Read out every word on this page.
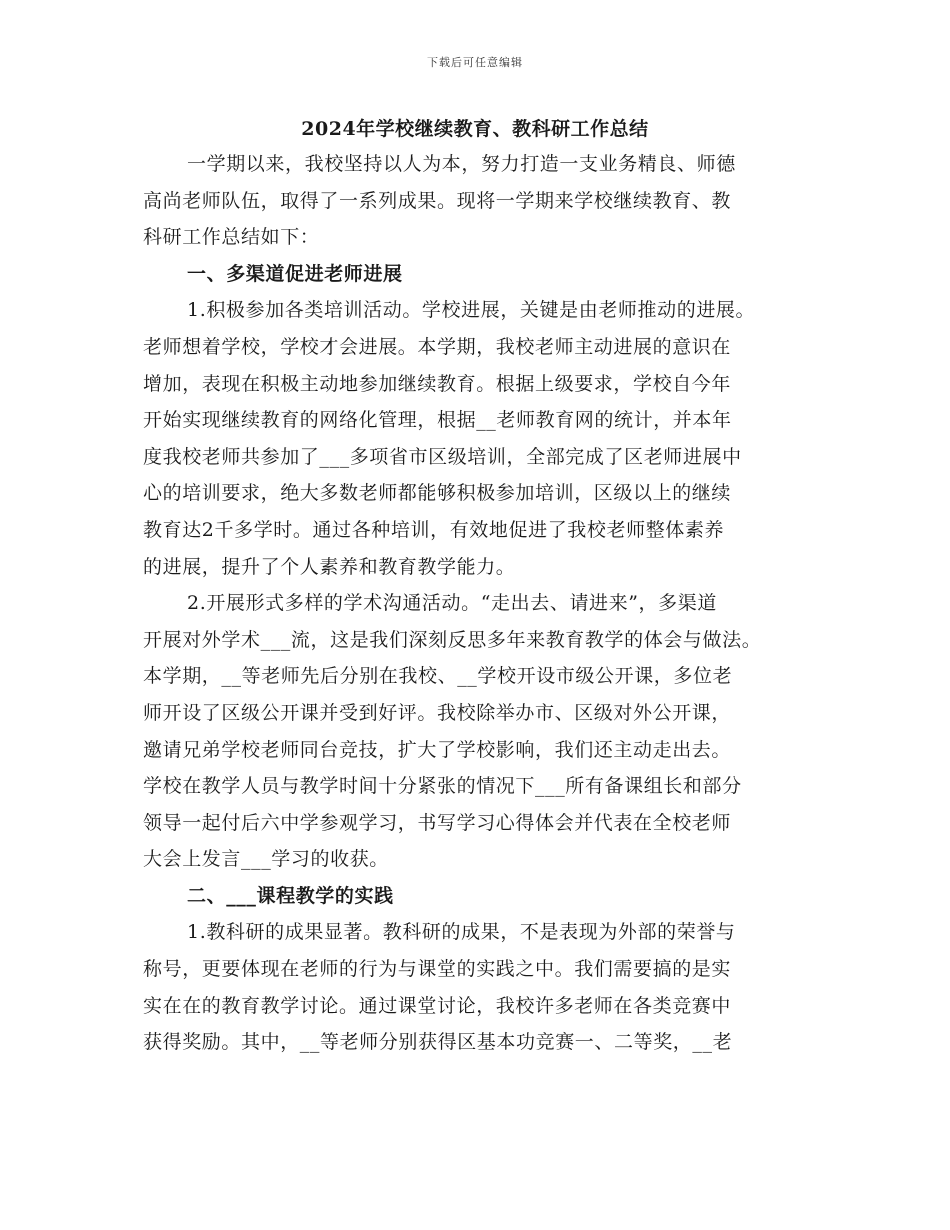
下载后可任意编辑
2024年学校继续教育、教科研工作总结
一学期以来，我校坚持以人为本，努力打造一支业务精良、师德
高尚老师队伍，取得了一系列成果。现将一学期来学校继续教育、教
科研工作总结如下：
一、多渠道促进老师进展
1.积极参加各类培训活动。学校进展，关键是由老师推动的进展。
老师想着学校，学校才会进展。本学期，我校老师主动进展的意识在
增加，表现在积极主动地参加继续教育。根据上级要求，学校自今年
开始实现继续教育的网络化管理，根据__老师教育网的统计，并本年
度我校老师共参加了___多项省市区级培训，全部完成了区老师进展中
心的培训要求，绝大多数老师都能够积极参加培训，区级以上的继续
教育达2千多学时。通过各种培训，有效地促进了我校老师整体素养
的进展，提升了个人素养和教育教学能力。
2.开展形式多样的学术沟通活动。“走出去、请进来”，多渠道
开展对外学术___流，这是我们深刻反思多年来教育教学的体会与做法。
本学期，__等老师先后分别在我校、__学校开设市级公开课，多位老
师开设了区级公开课并受到好评。我校除举办市、区级对外公开课，
邀请兄弟学校老师同台竞技，扩大了学校影响，我们还主动走出去。
学校在教学人员与教学时间十分紧张的情况下___所有备课组长和部分
领导一起付后六中学参观学习，书写学习心得体会并代表在全校老师
大会上发言___学习的收获。
二、___课程教学的实践
1.教科研的成果显著。教科研的成果，不是表现为外部的荣誉与
称号，更要体现在老师的行为与课堂的实践之中。我们需要搞的是实
实在在的教育教学讨论。通过课堂讨论，我校许多老师在各类竞赛中
获得奖励。其中，__等老师分别获得区基本功竞赛一、二等奖，__老
